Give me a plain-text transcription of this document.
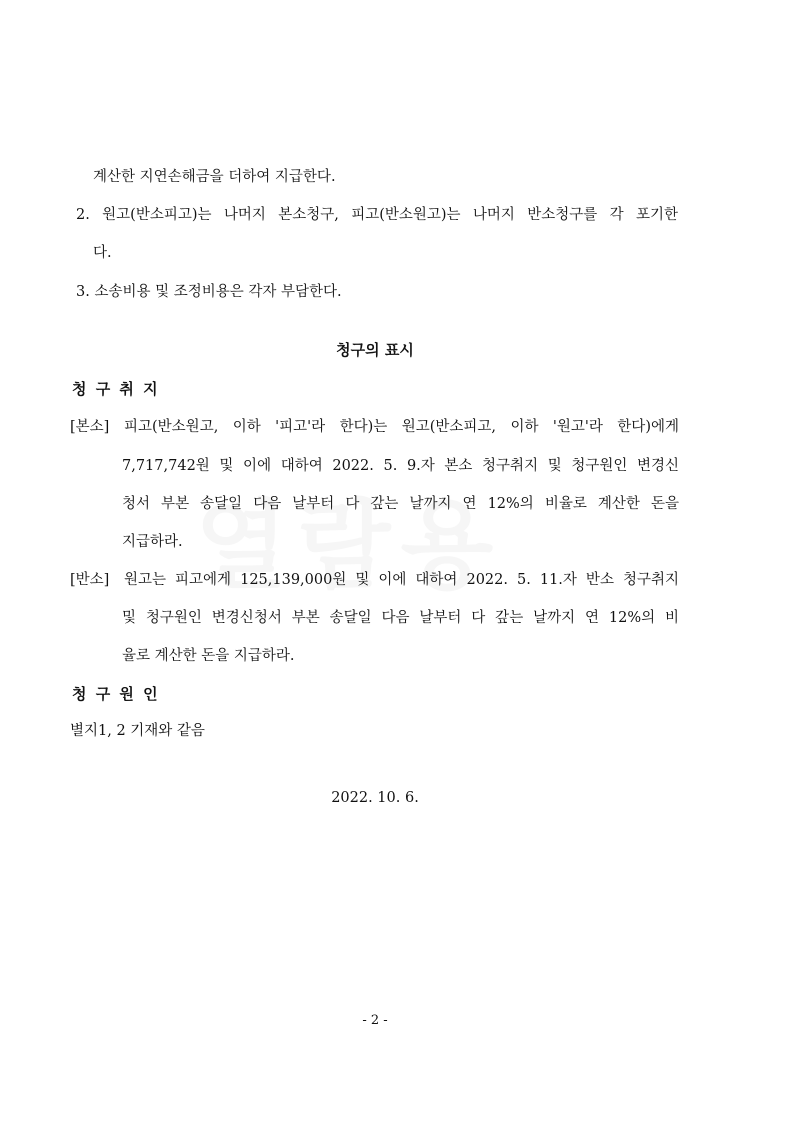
계산한 지연손해금을 더하여 지급한다.
2. 원고(반소피고)는 나머지 본소청구, 피고(반소원고)는 나머지 반소청구를 각 포기한
다.
3. 소송비용 및 조정비용은 각자 부담한다.
청구의 표시
청 구 취 지
[본소] 피고(반소원고, 이하 '피고'라 한다)는 원고(반소피고, 이하 '원고'라 한다)에게
7,717,742원 및 이에 대하여 2022. 5. 9.자 본소 청구취지 및 청구원인 변경신
청서 부본 송달일 다음 날부터 다 갚는 날까지 연 12%의 비율로 계산한 돈을
지급하라.
[반소] 원고는 피고에게 125,139,000원 및 이에 대하여 2022. 5. 11.자 반소 청구취지
및 청구원인 변경신청서 부본 송달일 다음 날부터 다 갚는 날까지 연 12%의 비
율로 계산한 돈을 지급하라.
청 구 원 인
별지1, 2 기재와 같음
2022. 10. 6.
- 2 -
